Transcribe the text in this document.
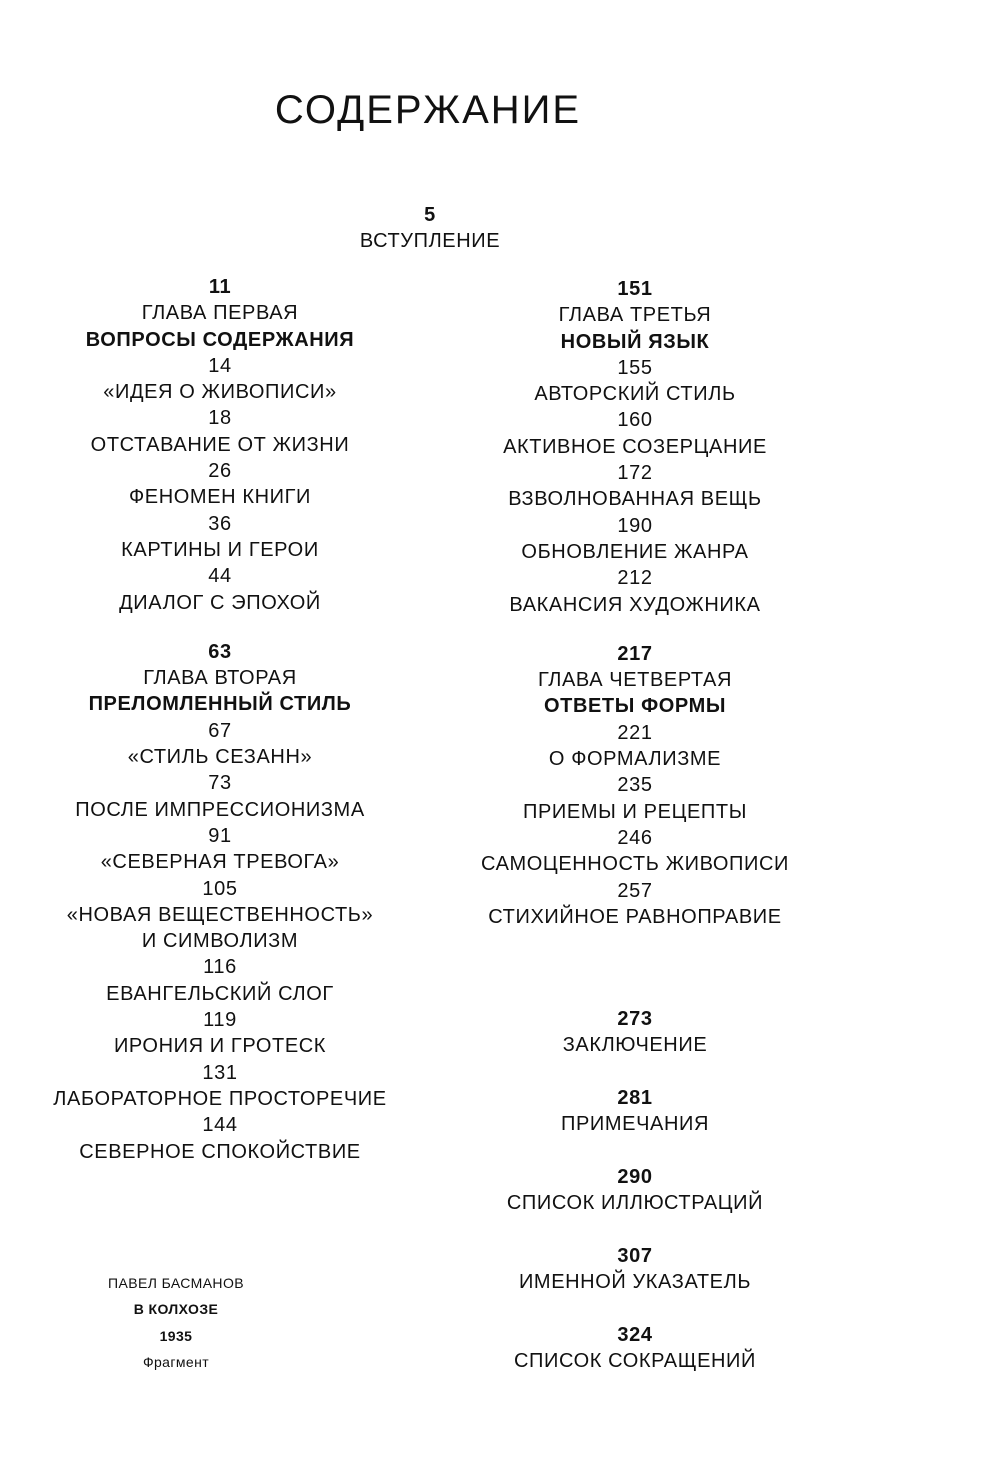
СОДЕРЖАНИЕ
5
ВСТУПЛЕНИЕ
11
ГЛАВА ПЕРВАЯ
ВОПРОСЫ СОДЕРЖАНИЯ
14
«ИДЕЯ О ЖИВОПИСИ»
18
ОТСТАВАНИЕ ОТ ЖИЗНИ
26
ФЕНОМЕН КНИГИ
36
КАРТИНЫ И ГЕРОИ
44
ДИАЛОГ С ЭПОХОЙ
63
ГЛАВА ВТОРАЯ
ПРЕЛОМЛЕННЫЙ СТИЛЬ
67
«СТИЛЬ СЕЗАНН»
73
ПОСЛЕ ИМПРЕССИОНИЗМА
91
«СЕВЕРНАЯ ТРЕВОГА»
105
«НОВАЯ ВЕЩЕСТВЕННОСТЬ»
И СИМВОЛИЗМ
116
ЕВАНГЕЛЬСКИЙ СЛОГ
119
ИРОНИЯ И ГРОТЕСК
131
ЛАБОРАТОРНОЕ ПРОСТОРЕЧИЕ
144
СЕВЕРНОЕ СПОКОЙСТВИЕ
151
ГЛАВА ТРЕТЬЯ
НОВЫЙ ЯЗЫК
155
АВТОРСКИЙ СТИЛЬ
160
АКТИВНОЕ СОЗЕРЦАНИЕ
172
ВЗВОЛНОВАННАЯ ВЕЩЬ
190
ОБНОВЛЕНИЕ ЖАНРА
212
ВАКАНСИЯ ХУДОЖНИКА
217
ГЛАВА ЧЕТВЕРТАЯ
ОТВЕТЫ ФОРМЫ
221
О ФОРМАЛИЗМЕ
235
ПРИЕМЫ И РЕЦЕПТЫ
246
САМОЦЕННОСТЬ ЖИВОПИСИ
257
СТИХИЙНОЕ РАВНОПРАВИЕ
273
ЗАКЛЮЧЕНИЕ
281
ПРИМЕЧАНИЯ
290
СПИСОК ИЛЛЮСТРАЦИЙ
307
ИМЕННОЙ УКАЗАТЕЛЬ
324
СПИСОК СОКРАЩЕНИЙ
ПАВЕЛ БАСМАНОВ
В КОЛХОЗЕ
1935
Фрагмент
